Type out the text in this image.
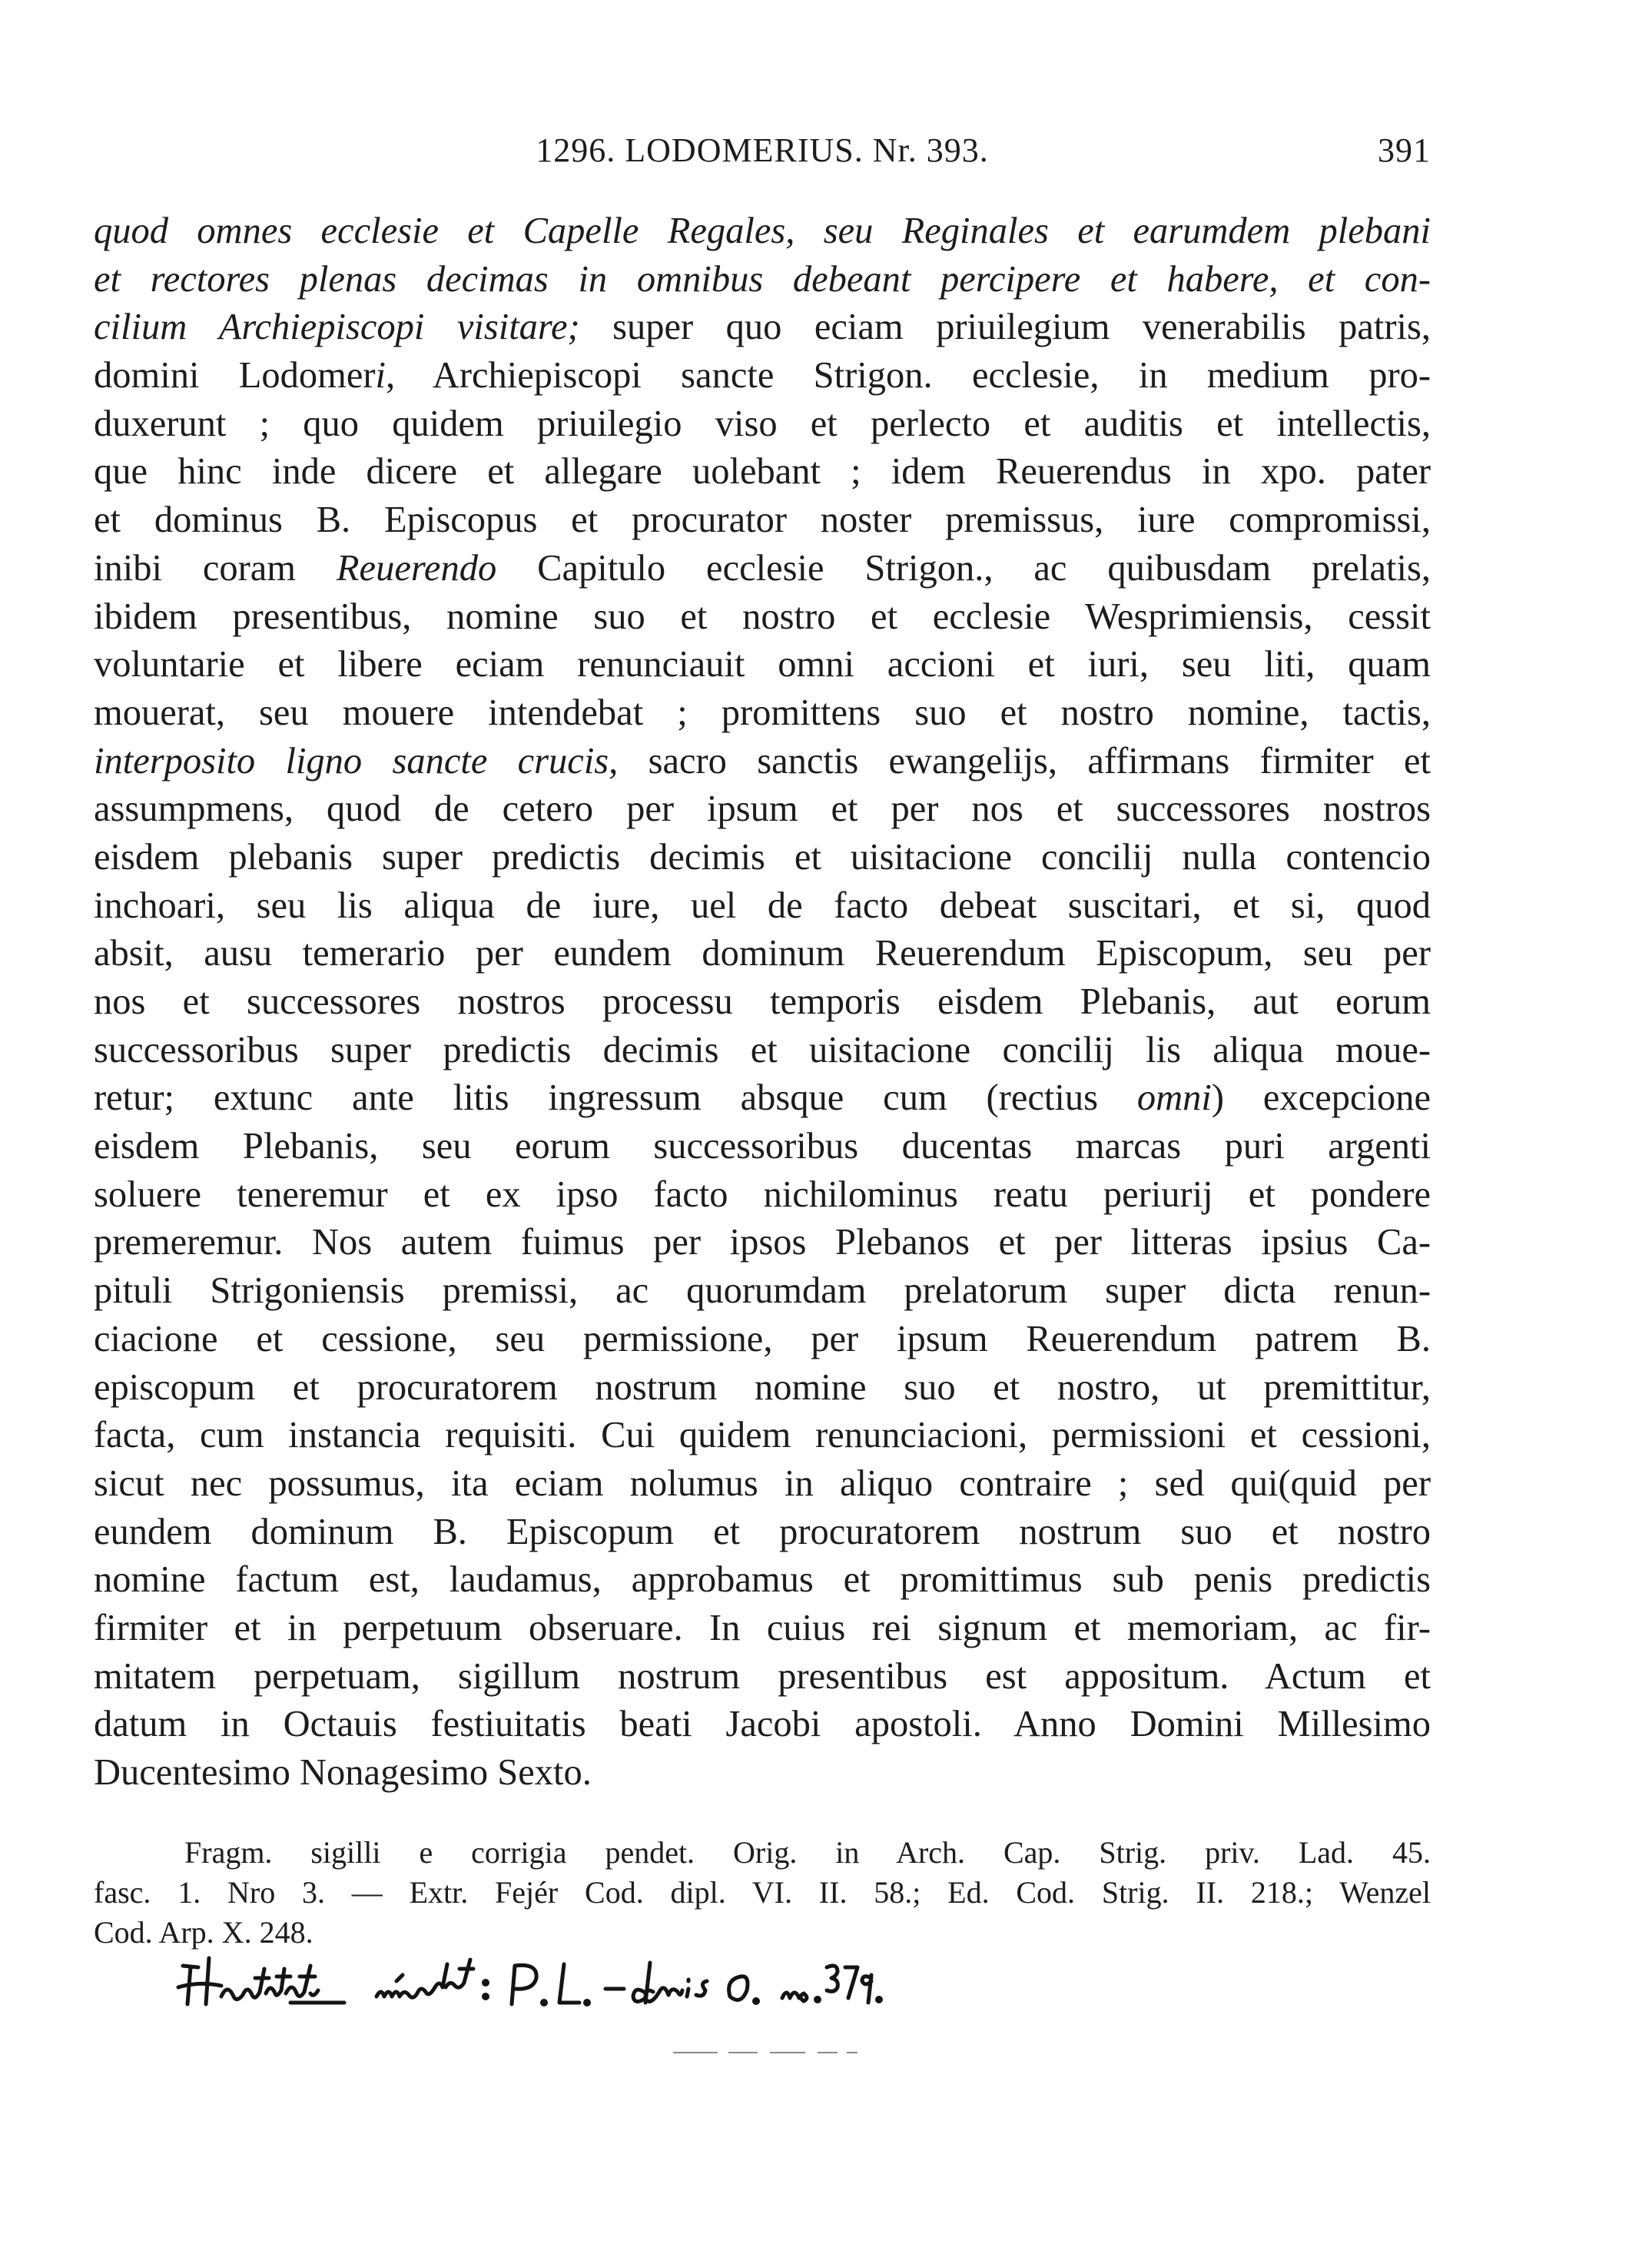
1296. LODOMERIUS. Nr. 393.	391
quod omnes ecclesie et Capelle Regales, seu Reginales et earumdem plebani
et rectores plenas decimas in omnibus debeant percipere et habere, et con-
cilium Archiepiscopi visitare; super quo eciam priuilegium venerabilis patris,
domini Lodomeri, Archiepiscopi sancte Strigon. ecclesie, in medium pro-
duxerunt ; quo quidem priuilegio viso et perlecto et auditis et intellectis,
que hinc inde dicere et allegare uolebant ; idem Reuerendus in xpo. pater
et dominus B. Episcopus et procurator noster premissus, iure compromissi,
inibi coram Reuerendo Capitulo ecclesie Strigon., ac quibusdam prelatis,
ibidem presentibus, nomine suo et nostro et ecclesie Wesprimiensis, cessit
voluntarie et libere eciam renunciauit omni accioni et iuri, seu liti, quam
mouerat, seu mouere intendebat ; promittens suo et nostro nomine, tactis,
interposito ligno sancte crucis, sacro sanctis ewangelijs, affirmans firmiter et
assumpmens, quod de cetero per ipsum et per nos et successores nostros
eisdem plebanis super predictis decimis et uisitacione concilij nulla contencio
inchoari, seu lis aliqua de iure, uel de facto debeat suscitari, et si, quod
absit, ausu temerario per eundem dominum Reuerendum Episcopum, seu per
nos et successores nostros processu temporis eisdem Plebanis, aut eorum
successoribus super predictis decimis et uisitacione concilij lis aliqua moue-
retur; extunc ante litis ingressum absque cum (rectius omni) excepcione
eisdem Plebanis, seu eorum successoribus ducentas marcas puri argenti
soluere teneremur et ex ipso facto nichilominus reatu periurij et pondere
premeremur. Nos autem fuimus per ipsos Plebanos et per litteras ipsius Ca-
pituli Strigoniensis premissi, ac quorumdam prelatorum super dicta renun-
ciacione et cessione, seu permissione, per ipsum Reuerendum patrem B.
episcopum et procuratorem nostrum nomine suo et nostro, ut premittitur,
facta, cum instancia requisiti. Cui quidem renunciacioni, permissioni et cessioni,
sicut nec possumus, ita eciam nolumus in aliquo contraire ; sed qui(quid per
eundem dominum B. Episcopum et procuratorem nostrum suo et nostro
nomine factum est, laudamus, approbamus et promittimus sub penis predictis
firmiter et in perpetuum obseruare. In cuius rei signum et memoriam, ac fir-
mitatem perpetuam, sigillum nostrum presentibus est appositum. Actum et
datum in Octauis festiuitatis beati Jacobi apostoli. Anno Domini Millesimo
Ducentesimo Nonagesimo Sexto.
Fragm. sigilli e corrigia pendet. Orig. in Arch. Cap. Strig. priv. Lad. 45.
fasc. 1. Nro 3. — Extr. Fejér Cod. dipl. VI. II. 58.; Ed. Cod. Strig. II. 218.; Wenzel
Cod. Arp. X. 248.
